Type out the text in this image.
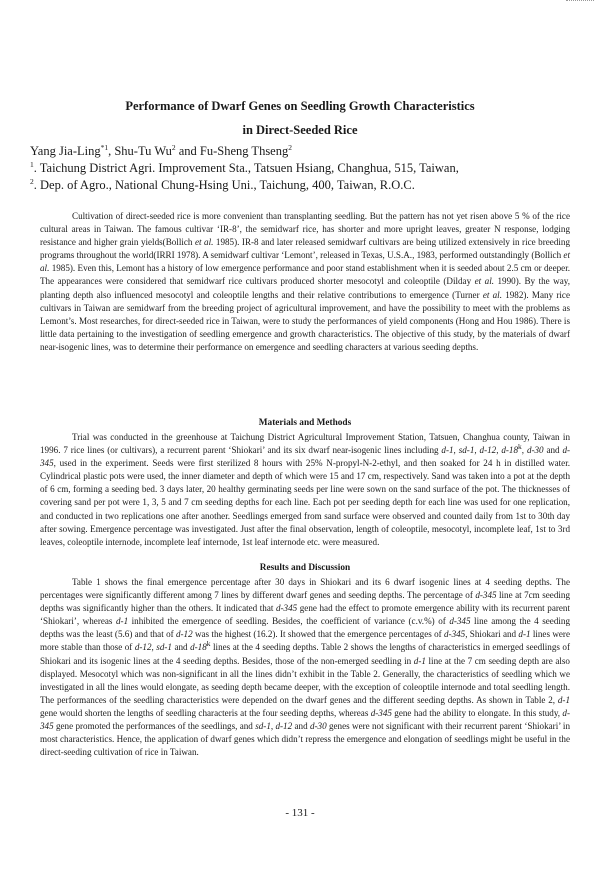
Performance of Dwarf Genes on Seedling Growth Characteristics
in Direct-Seeded Rice
Yang Jia-Ling$^{*1}$, Shu-Tu Wu$^2$ and Fu-Sheng Thseng$^2$
$^1$. Taichung District Agri. Improvement Sta., Tatsuen Hsiang, Changhua, 515, Taiwan,
$^2$. Dep. of Agro., National Chung-Hsing Uni., Taichung, 400, Taiwan, R.O.C.
Cultivation of direct-seeded rice is more convenient than transplanting seedling. But the pattern has not yet risen above 5 % of the rice cultural areas in Taiwan. The famous cultivar ‘IR-8’, the semidwarf rice, has shorter and more upright leaves, greater N response, lodging resistance and higher grain yields(Bollich et al. 1985). IR-8 and later released semidwarf cultivars are being utilized extensively in rice breeding programs throughout the world(IRRI 1978). A semidwarf cultivar ‘Lemont’, released in Texas, U.S.A., 1983, performed outstandingly (Bollich et al. 1985). Even this, Lemont has a history of low emergence performance and poor stand establishment when it is seeded about 2.5 cm or deeper. The appearances were considered that semidwarf rice cultivars produced shorter mesocotyl and coleoptile (Dilday et al. 1990). By the way, planting depth also influenced mesocotyl and coleoptile lengths and their relative contributions to emergence (Turner et al. 1982). Many rice cultivars in Taiwan are semidwarf from the breeding project of agricultural improvement, and have the possibility to meet with the problems as Lemont’s. Most researches, for direct-seeded rice in Taiwan, were to study the performances of yield components (Hong and Hou 1986). There is little data pertaining to the investigation of seedling emergence and growth characteristics. The objective of this study, by the materials of dwarf near-isogenic lines, was to determine their performance on emergence and seedling characters at various seeding depths.
Materials and Methods
Trial was conducted in the greenhouse at Taichung District Agricultural Improvement Station, Tatsuen, Changhua county, Taiwan in 1996. 7 rice lines (or cultivars), a recurrent parent ‘Shiokari’ and its six dwarf near-isogenic lines including d-1, sd-1, d-12, d-18$^k$, d-30 and d-345, used in the experiment. Seeds were first sterilized 8 hours with 25% N-propyl-N-2-ethyl, and then soaked for 24 h in distilled water. Cylindrical plastic pots were used, the inner diameter and depth of which were 15 and 17 cm, respectively. Sand was taken into a pot at the depth of 6 cm, forming a seeding bed. 3 days later, 20 healthy germinating seeds per line were sown on the sand surface of the pot. The thicknesses of covering sand per pot were 1, 3, 5 and 7 cm seeding depths for each line. Each pot per seeding depth for each line was used for one replication, and conducted in two replications one after another. Seedlings emerged from sand surface were observed and counted daily from 1st to 30th day after sowing. Emergence percentage was investigated. Just after the final observation, length of coleoptile, mesocotyl, incomplete leaf, 1st to 3rd leaves, coleoptile internode, incomplete leaf internode, 1st leaf internode etc. were measured.
Results and Discussion
Table 1 shows the final emergence percentage after 30 days in Shiokari and its 6 dwarf isogenic lines at 4 seeding depths. The percentages were significantly different among 7 lines by different dwarf genes and seeding depths. The percentage of d-345 line at 7cm seeding depths was significantly higher than the others. It indicated that d-345 gene had the effect to promote emergence ability with its recurrent parent ‘Shiokari’, whereas d-1 inhibited the emergence of seedling. Besides, the coefficient of variance (c.v.%) of d-345 line among the 4 seeding depths was the least (5.6) and that of d-12 was the highest (16.2). It showed that the emergence percentages of d-345, Shiokari and d-1 lines were more stable than those of d-12, sd-1 and d-18$^k$ lines at the 4 seeding depths. Table 2 shows the lengths of characteristics in emerged seedlings of Shiokari and its isogenic lines at the 4 seeding depths. Besides, those of the non-emerged seedling in d-1 line at the 7 cm seeding depth are also displayed. Mesocotyl which was non-significant in all the lines didn’t exhibit in the Table 2. Generally, the characteristics of seedling which we investigated in all the lines would elongate, as seeding depth became deeper, with the exception of coleoptile internode and total seedling length. The performances of the seedling characteristics were depended on the dwarf genes and the different seeding depths. As shown in Table 2, d-1 gene would shorten the lengths of seedling characteris at the four seeding depths, whereas d-345 gene had the ability to elongate. In this study, d-345 gene promoted the performances of the seedlings, and sd-1, d-12 and d-30 genes were not significant with their recurrent parent ‘Shiokari’ in most characteristics. Hence, the application of dwarf genes which didn’t repress the emergence and elongation of seedlings might be useful in the direct-seeding cultivation of rice in Taiwan.
- 131 -
